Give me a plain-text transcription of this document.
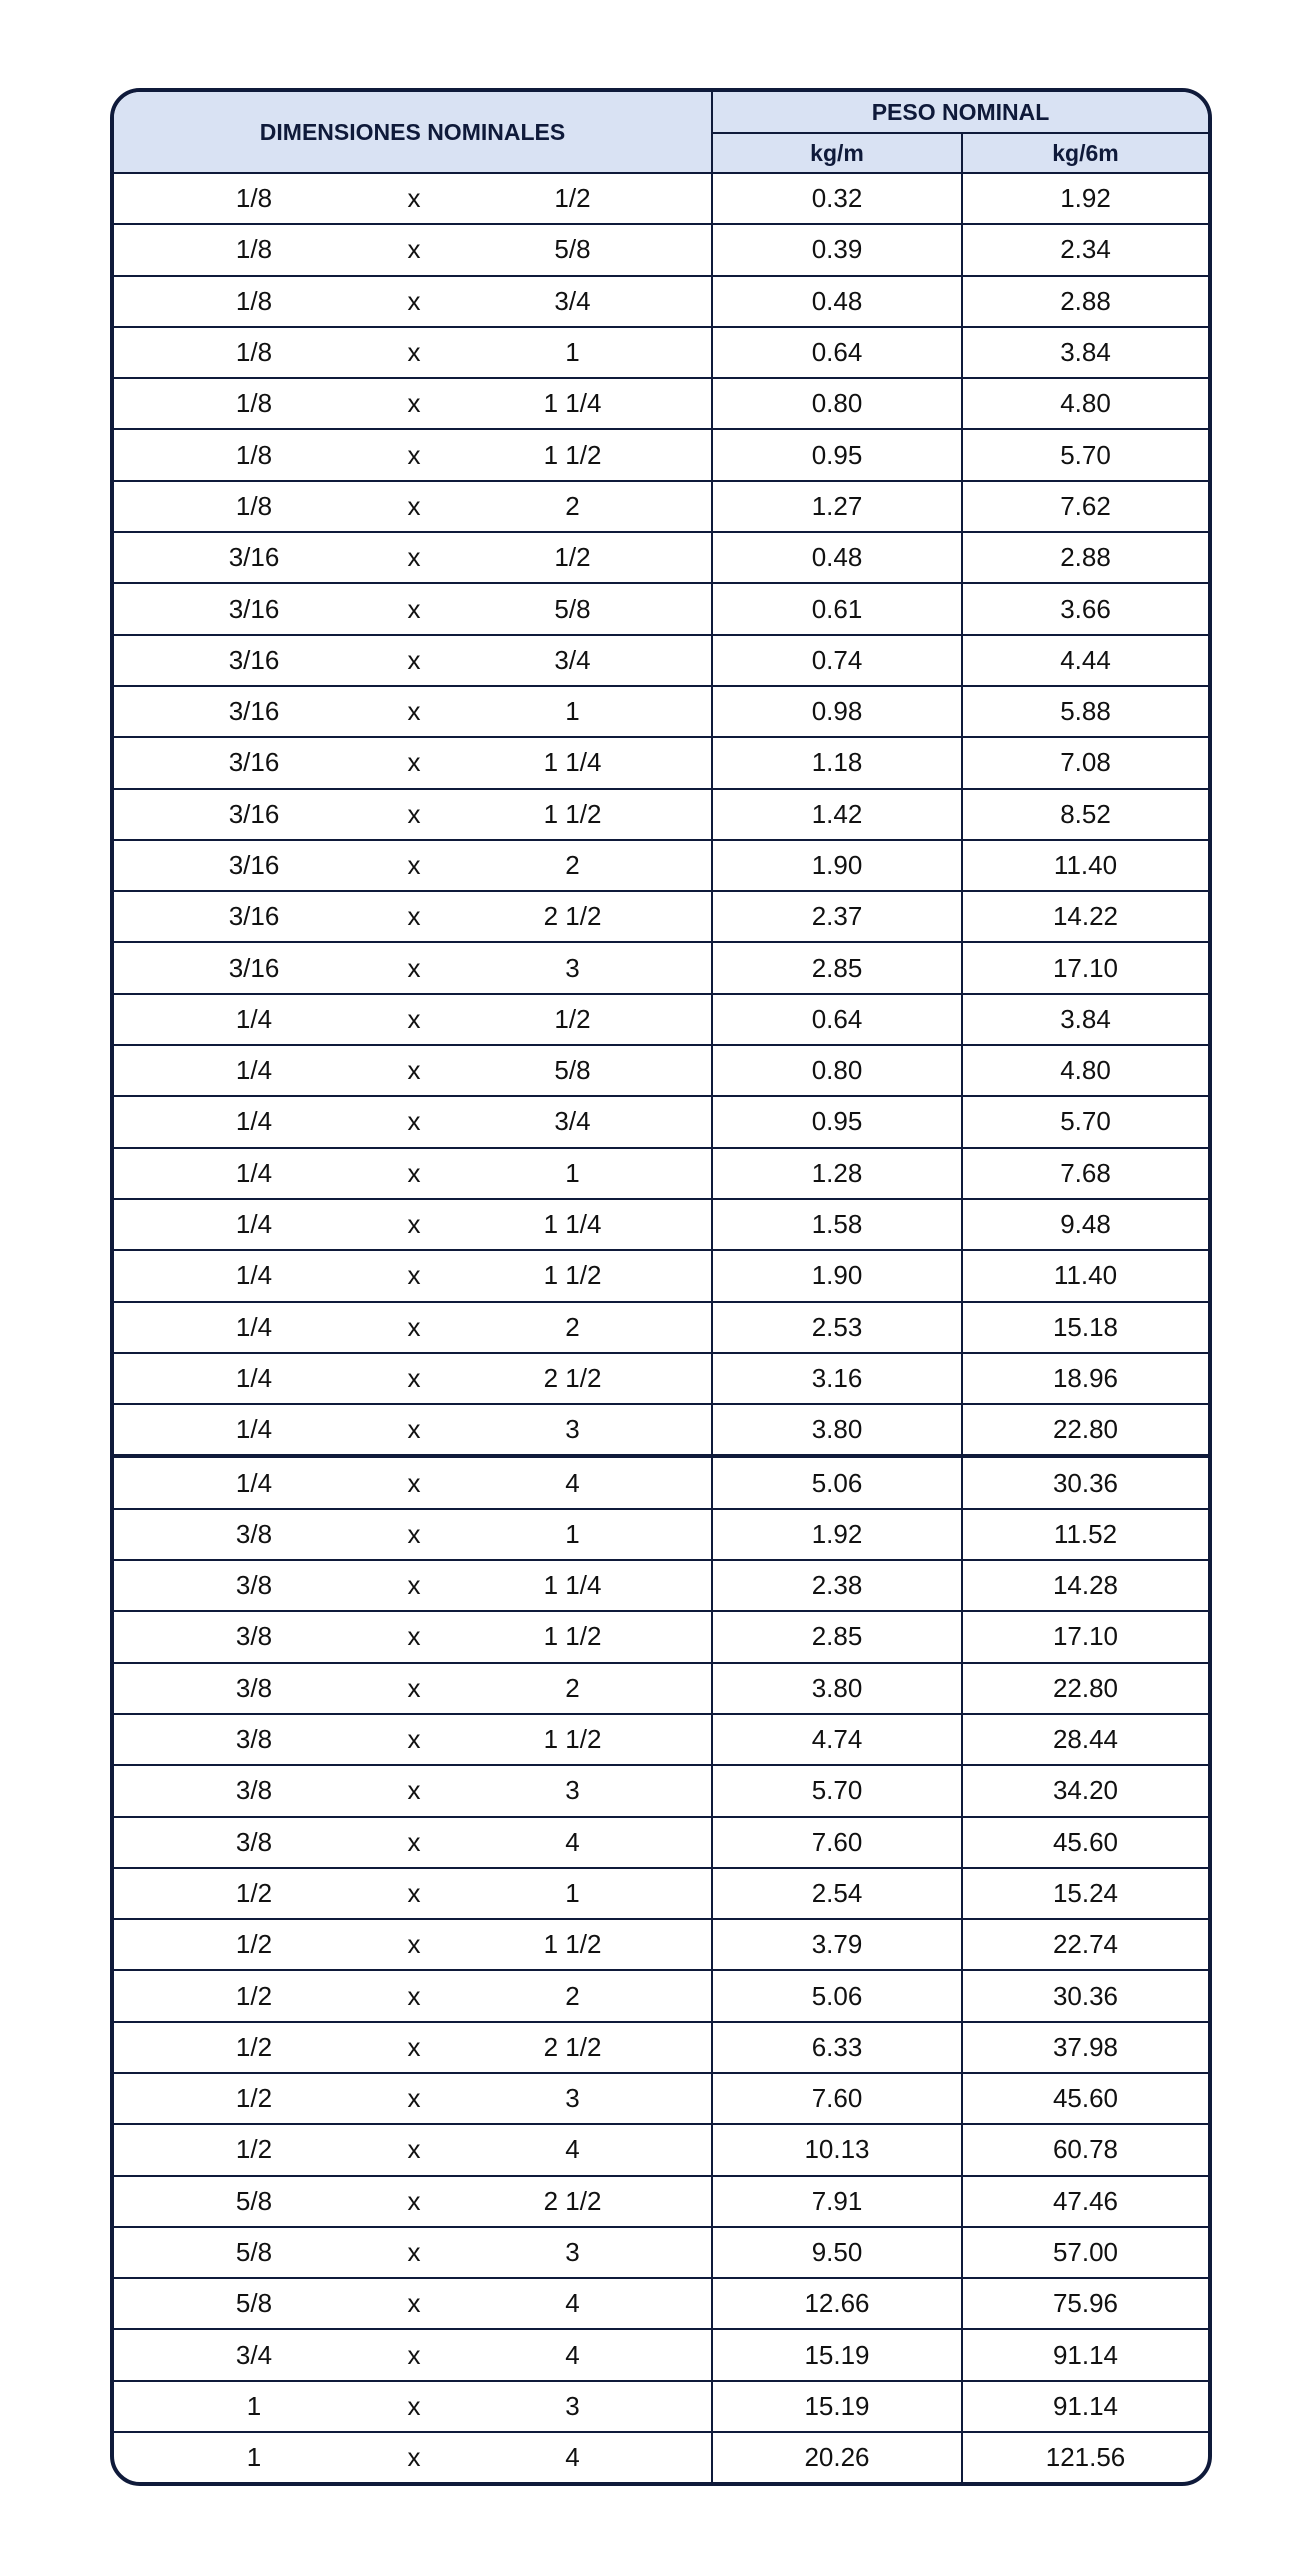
DIMENSIONES NOMINALES			PESO NOMINAL	
			kg/m	kg/6m
1/8	x	1/2	0.32	1.92
1/8	x	5/8	0.39	2.34
1/8	x	3/4	0.48	2.88
1/8	x	1	0.64	3.84
1/8	x	1 1/4	0.80	4.80
1/8	x	1 1/2	0.95	5.70
1/8	x	2	1.27	7.62
3/16	x	1/2	0.48	2.88
3/16	x	5/8	0.61	3.66
3/16	x	3/4	0.74	4.44
3/16	x	1	0.98	5.88
3/16	x	1 1/4	1.18	7.08
3/16	x	1 1/2	1.42	8.52
3/16	x	2	1.90	11.40
3/16	x	2 1/2	2.37	14.22
3/16	x	3	2.85	17.10
1/4	x	1/2	0.64	3.84
1/4	x	5/8	0.80	4.80
1/4	x	3/4	0.95	5.70
1/4	x	1	1.28	7.68
1/4	x	1 1/4	1.58	9.48
1/4	x	1 1/2	1.90	11.40
1/4	x	2	2.53	15.18
1/4	x	2 1/2	3.16	18.96
1/4	x	3	3.80	22.80
1/4	x	4	5.06	30.36
3/8	x	1	1.92	11.52
3/8	x	1 1/4	2.38	14.28
3/8	x	1 1/2	2.85	17.10
3/8	x	2	3.80	22.80
3/8	x	1 1/2	4.74	28.44
3/8	x	3	5.70	34.20
3/8	x	4	7.60	45.60
1/2	x	1	2.54	15.24
1/2	x	1 1/2	3.79	22.74
1/2	x	2	5.06	30.36
1/2	x	2 1/2	6.33	37.98
1/2	x	3	7.60	45.60
1/2	x	4	10.13	60.78
5/8	x	2 1/2	7.91	47.46
5/8	x	3	9.50	57.00
5/8	x	4	12.66	75.96
3/4	x	4	15.19	91.14
1	x	3	15.19	91.14
1	x	4	20.26	121.56
